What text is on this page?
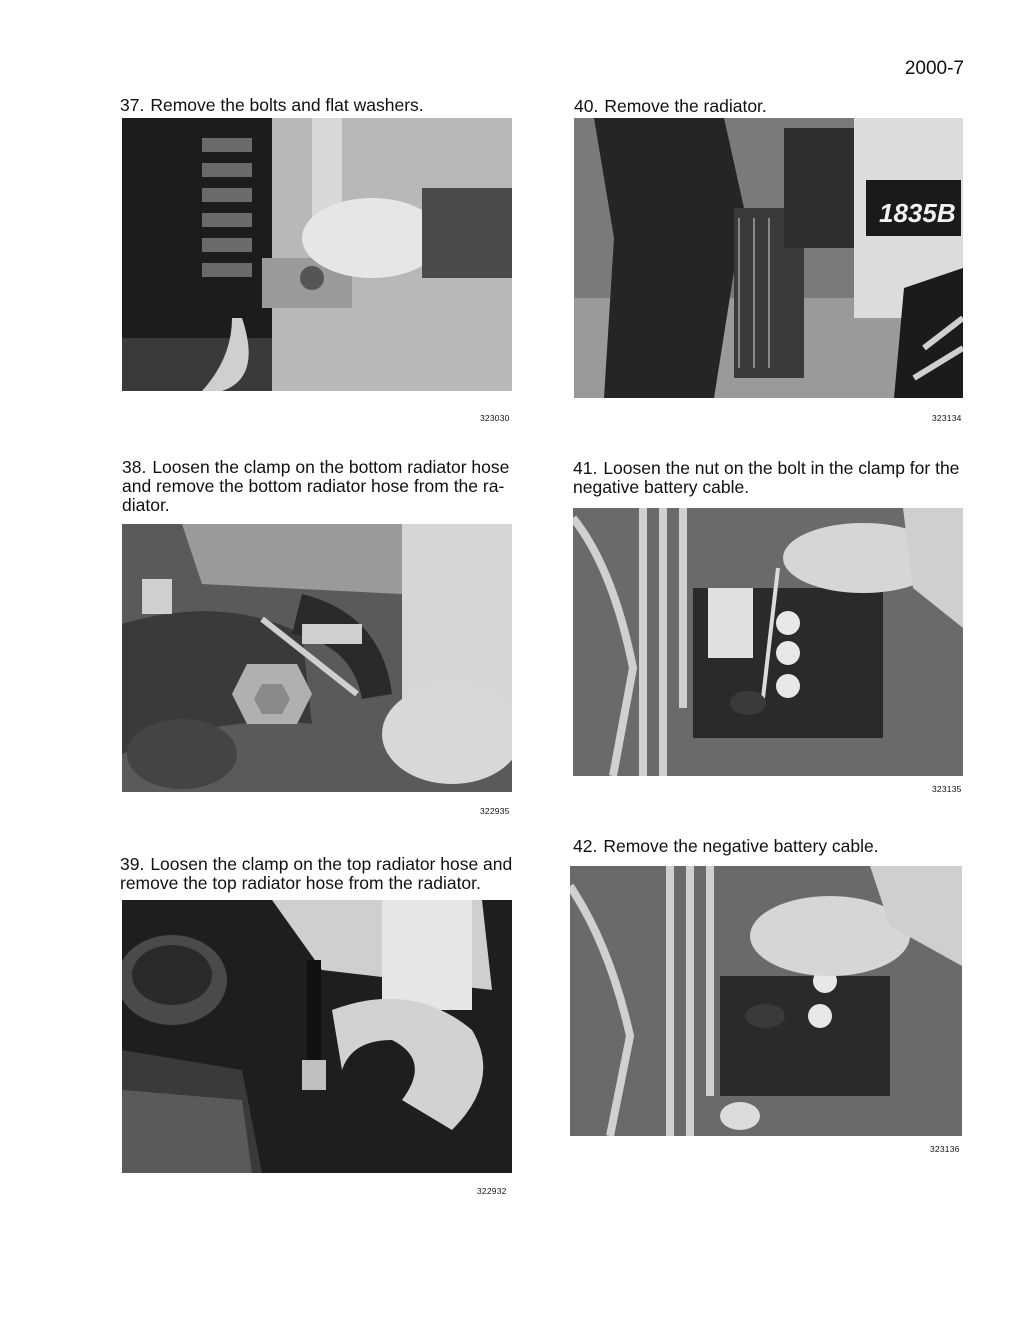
2000-7
37. Remove the bolts and flat washers.
323030
40. Remove the radiator.
1835B
323134
38. Loosen the clamp on the bottom radiator hose and remove the bottom radiator hose from the ra-diator.
322935
41. Loosen the nut on the bolt in the clamp for the negative battery cable.
323135
39. Loosen the clamp on the top radiator hose and remove the top radiator hose from the radiator.
322932
42. Remove the negative battery cable.
323136
